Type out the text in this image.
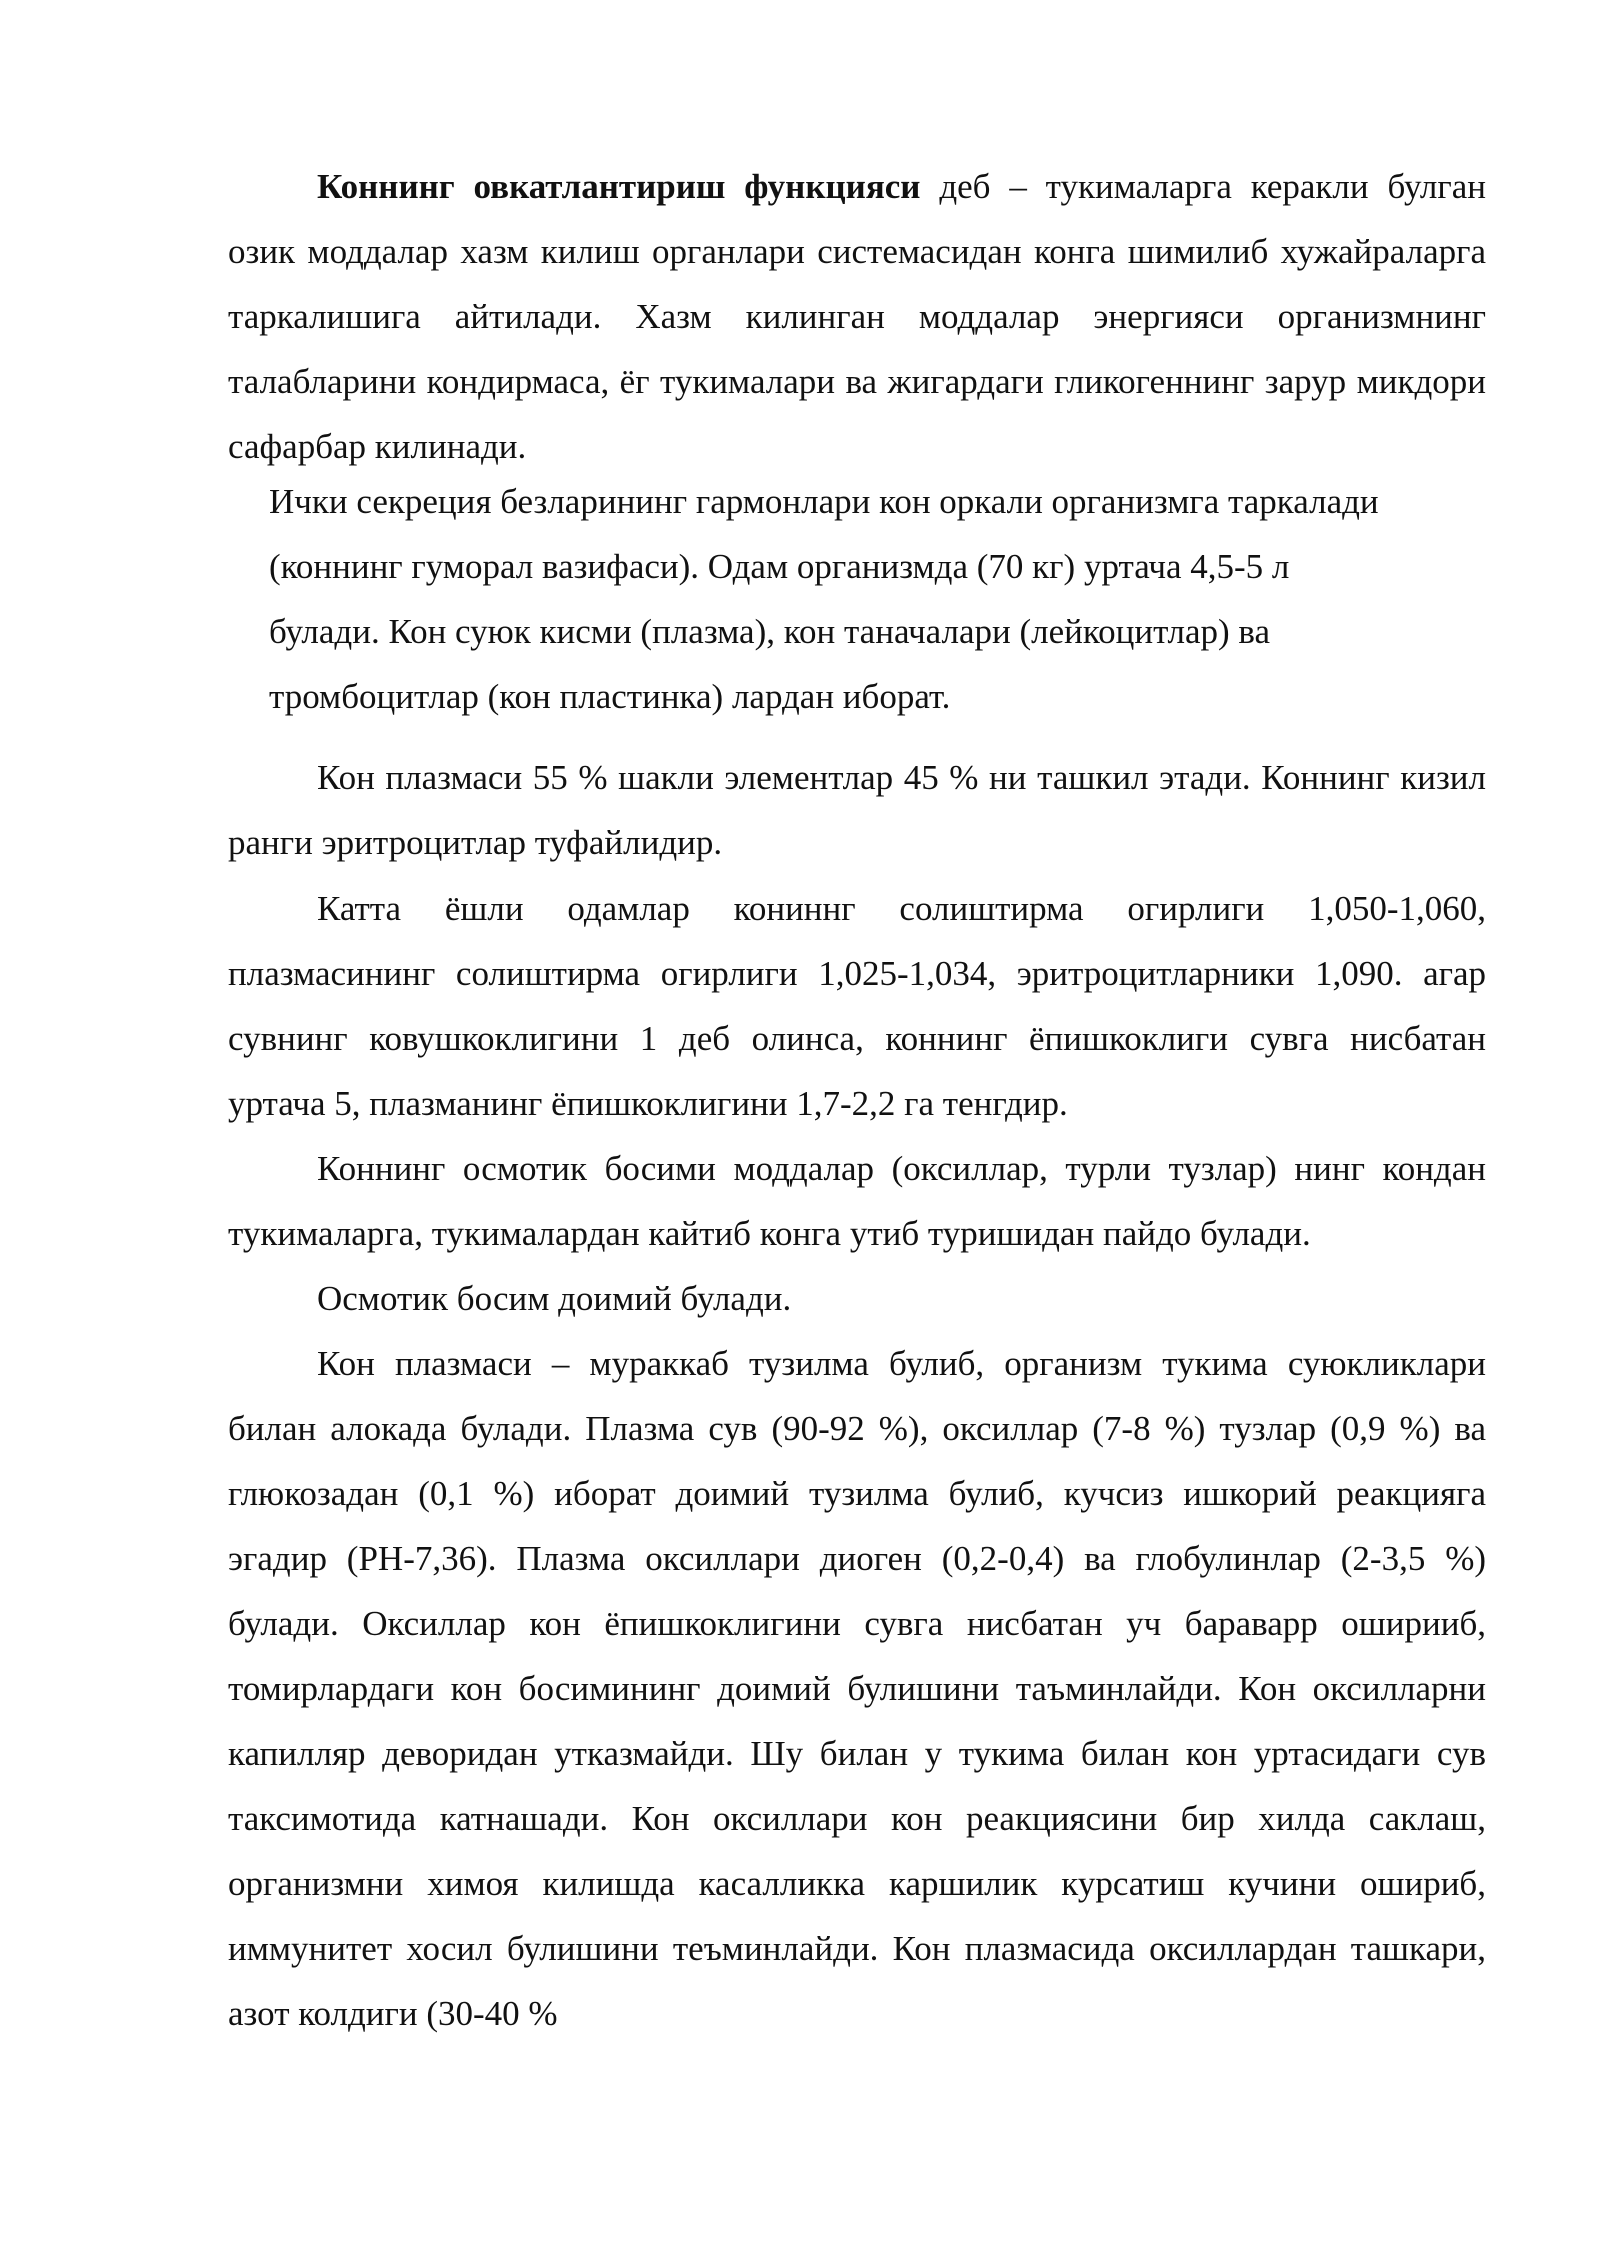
Коннинг овкатлантириш функцияси деб – тукималарга керакли булган озик моддалар хазм килиш органлари системасидан конга шимилиб хужайраларга таркалишига айтилади. Хазм килинган моддалар энергияси организмнинг талабларини кондирмаса, ёг тукималари ва жигардаги гликогеннинг зарур микдори сафарбар килинади.

Ички секреция безларининг гармонлари кон оркали организмга таркалади
(коннинг гуморал вазифаси). Одам организмда (70 кг) уртача 4,5-5 л
булади. Кон суюк кисми (плазма), кон таначалари (лейкоцитлар) ва
тромбоцитлар (кон пластинка) лардан иборат.

Кон плазмаси 55 % шакли элементлар 45 % ни ташкил этади. Коннинг кизил ранги эритроцитлар туфайлидир.

Катта ёшли одамлар кониннг солиштирма огирлиги 1,050-1,060, плазмасининг солиштирма огирлиги 1,025-1,034, эритроцитларники 1,090. агар сувнинг ковушкоклигини 1 деб олинса, коннинг ёпишкоклиги сувга нисбатан уртача 5, плазманинг ёпишкоклигини 1,7-2,2 га тенгдир.

Коннинг осмотик босими моддалар (оксиллар, турли тузлар) нинг кондан тукималарга, тукималардан кайтиб конга утиб туришидан пайдо булади.

Осмотик босим доимий булади.

Кон плазмаси – мураккаб тузилма булиб, организм тукима суюкликлари билан алокада булади. Плазма сув (90-92 %), оксиллар (7-8 %) тузлар (0,9 %) ва глюкозадан (0,1 %) иборат доимий тузилма булиб, кучсиз ишкорий реакцияга эгадир (РН-7,36). Плазма оксиллари диоген (0,2-0,4) ва глобулинлар (2-3,5 %) булади. Оксиллар кон ёпишкоклигини сувга нисбатан уч бараварр оширииб, томирлардаги кон босимининг доимий булишини таъминлайди. Кон оксилларни капилляр деворидан утказмайди. Шу билан у тукима билан кон уртасидаги сув таксимотида катнашади. Кон оксиллари кон реакциясини бир хилда саклаш, организмни химоя килишда касалликка каршилик курсатиш кучини ошириб, иммунитет хосил булишини теъминлайди. Кон плазмасида оксиллардан ташкари, азот колдиги (30-40 %
